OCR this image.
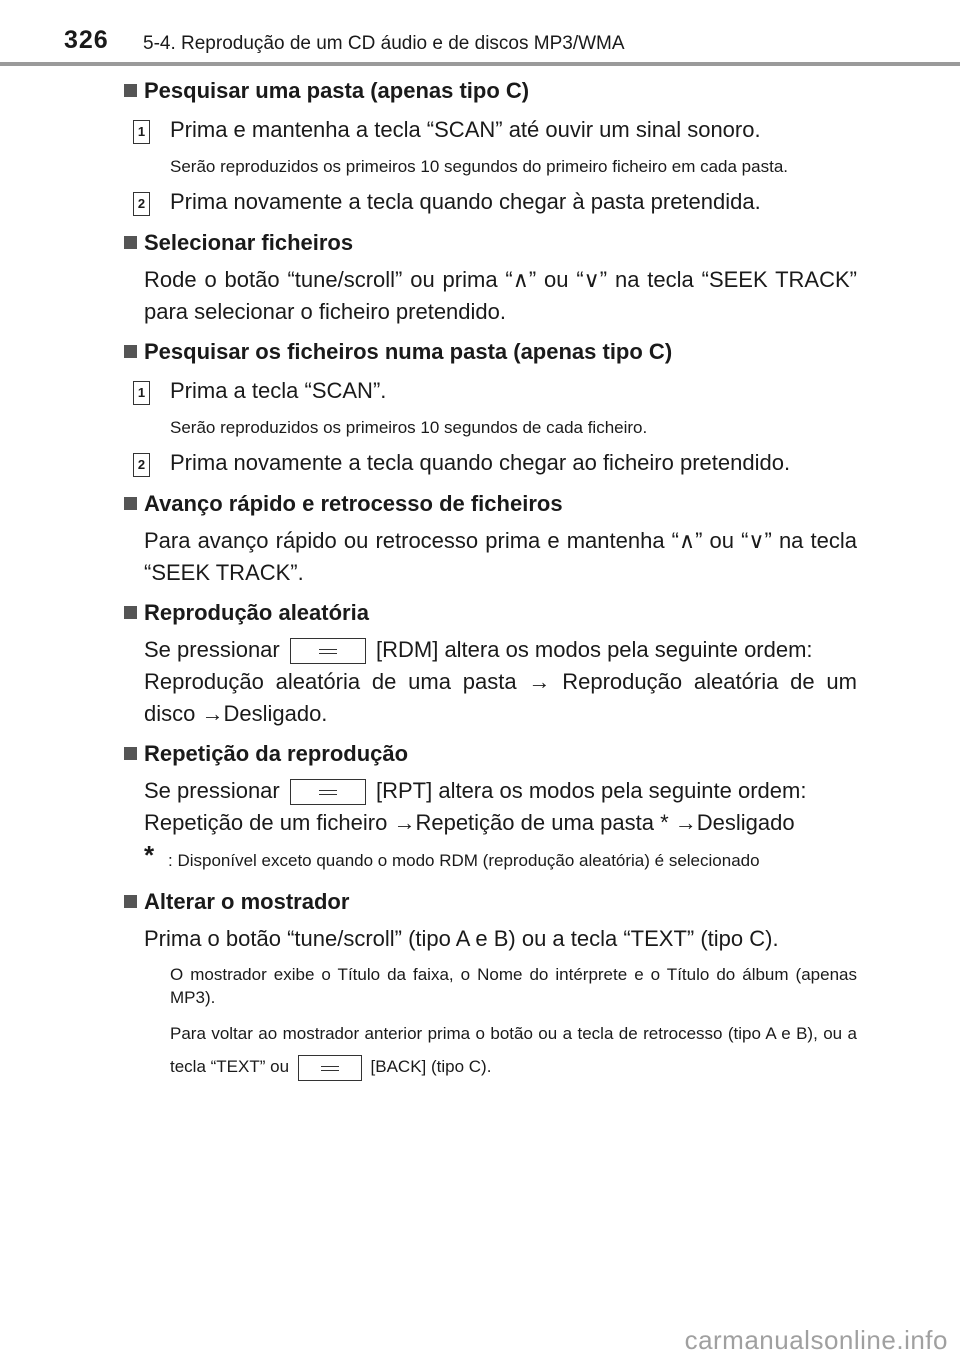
326 5-4. Reprodução de um CD áudio e de discos MP3/WMA
Pesquisar uma pasta (apenas tipo C)
1 Prima e mantenha a tecla “SCAN” até ouvir um sinal sonoro.
Serão reproduzidos os primeiros 10 segundos do primeiro ficheiro em cada pasta.
2 Prima novamente a tecla quando chegar à pasta pretendida.
Selecionar ficheiros
Rode o botão “tune/scroll” ou prima “∧” ou “∨” na tecla “SEEK TRACK” para selecionar o ficheiro pretendido.
Pesquisar os ficheiros numa pasta (apenas tipo C)
1 Prima a tecla “SCAN”.
Serão reproduzidos os primeiros 10 segundos de cada ficheiro.
2 Prima novamente a tecla quando chegar ao ficheiro pretendido.
Avanço rápido e retrocesso de ficheiros
Para avanço rápido ou retrocesso prima e mantenha “∧” ou “∨” na tecla “SEEK TRACK”.
Reprodução aleatória
Se pressionar	[RDM] altera os modos pela seguinte ordem:
Reprodução aleatória de uma pasta → Reprodução aleatória de um disco →Desligado.
Repetição da reprodução
Se pressionar	[RPT] altera os modos pela seguinte ordem:
Repetição de um ficheiro →Repetição de uma pasta * →Desligado
* : Disponível exceto quando o modo RDM (reprodução aleatória) é selecionado
Alterar o mostrador
Prima o botão “tune/scroll” (tipo A e B) ou a tecla “TEXT” (tipo C).
O mostrador exibe o Título da faixa, o Nome do intérprete e o Título do álbum (apenas MP3).
Para voltar ao mostrador anterior prima o botão ou a tecla de retrocesso (tipo A e B), ou a tecla “TEXT” ou	[BACK] (tipo C).
carmanualsonline.info
